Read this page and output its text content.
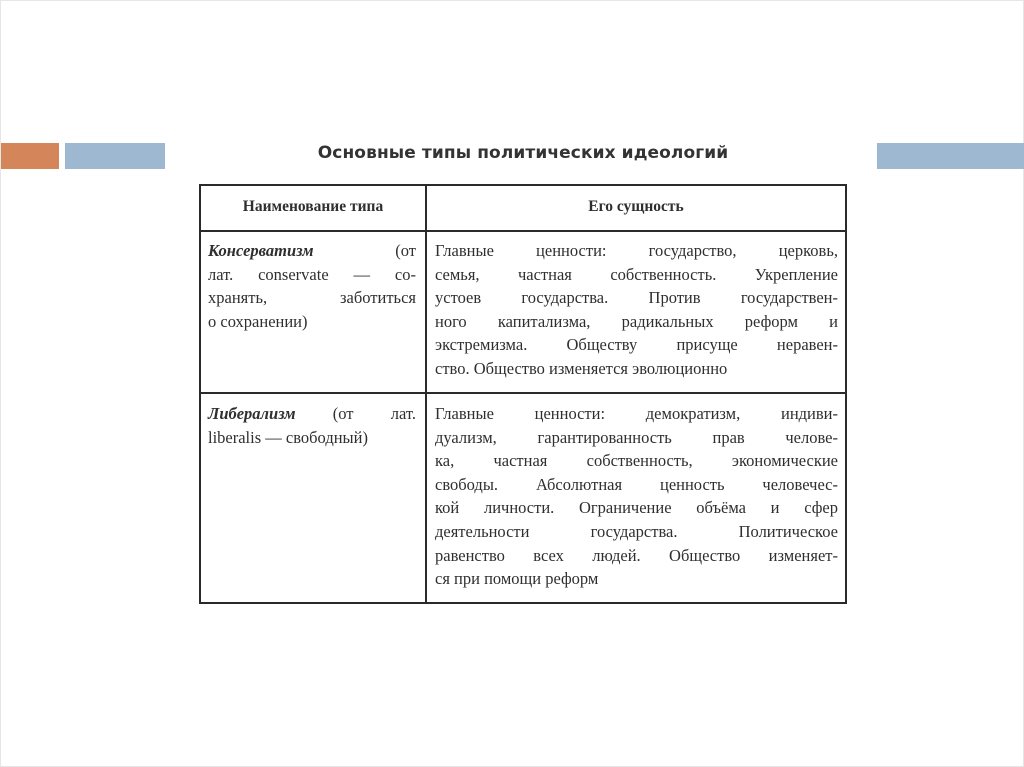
Основные типы политических идеологий
Наименование типа	Его сущность
Консерватизм	(от
лат. conservate — со-
хранять, заботиться
о сохранении)
Главные ценности: государство, церковь,
семья, частная собственность. Укрепление
устоев государства. Против государствен-
ного капитализма, радикальных реформ и
экстремизма. Обществу присуще неравен-
ство. Общество изменяется эволюционно
Либерализм (от лат.
liberalis — свободный)
Главные ценности: демократизм, индиви-
дуализм, гарантированность прав челове-
ка, частная собственность, экономические
свободы. Абсолютная ценность человечес-
кой личности. Ограничение объёма и сфер
деятельности государства. Политическое
равенство всех людей. Общество изменяет-
ся при помощи реформ
